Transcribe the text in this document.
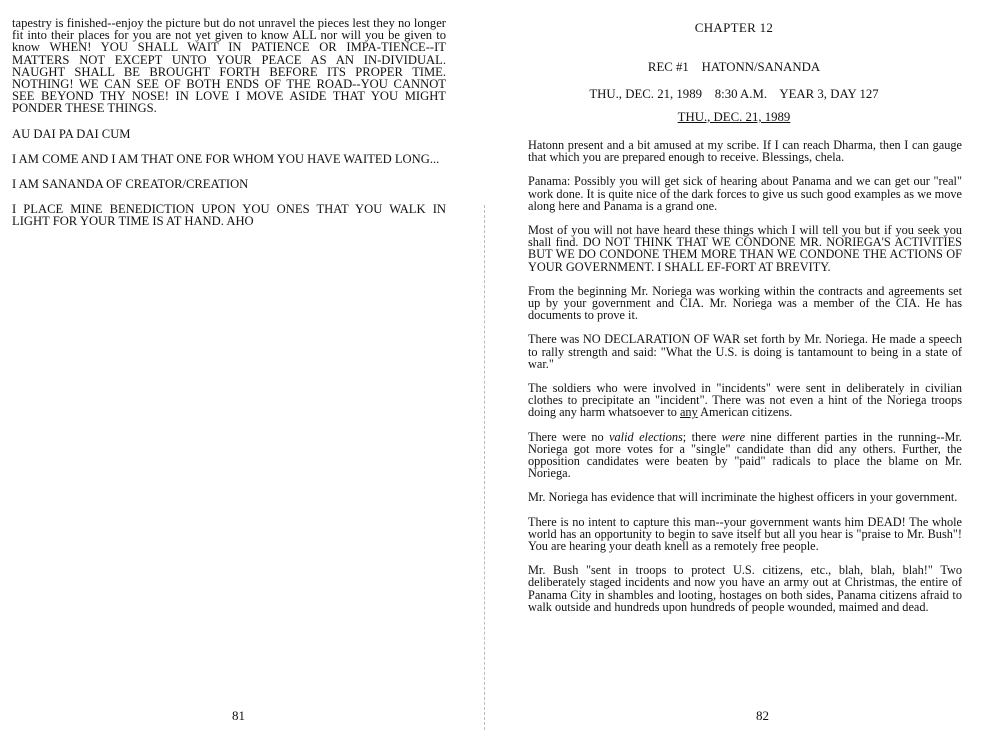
tapestry is finished--enjoy the picture but do not unravel the pieces lest they no longer fit into their places for you are not yet given to know ALL nor will you be given to know WHEN! YOU SHALL WAIT IN PATIENCE OR IMPA-TIENCE--IT MATTERS NOT EXCEPT UNTO YOUR PEACE AS AN IN-DIVIDUAL. NAUGHT SHALL BE BROUGHT FORTH BEFORE ITS PROPER TIME. NOTHING! WE CAN SEE OF BOTH ENDS OF THE ROAD--YOU CANNOT SEE BEYOND THY NOSE! IN LOVE I MOVE ASIDE THAT YOU MIGHT PONDER THESE THINGS.

AU DAI PA DAI CUM

I AM COME AND I AM THAT ONE FOR WHOM YOU HAVE WAITED LONG...

I AM SANANDA OF CREATOR/CREATION

I PLACE MINE BENEDICTION UPON YOU ONES THAT YOU WALK IN LIGHT FOR YOUR TIME IS AT HAND. AHO

81
CHAPTER 12
REC #1    HATONN/SANANDA
THU., DEC. 21, 1989    8:30 A.M.    YEAR 3, DAY 127
THU., DEC. 21, 1989

Hatonn present and a bit amused at my scribe. If I can reach Dharma, then I can gauge that which you are prepared enough to receive. Blessings, chela.

Panama: Possibly you will get sick of hearing about Panama and we can get our "real" work done. It is quite nice of the dark forces to give us such good examples as we move along here and Panama is a grand one.

Most of you will not have heard these things which I will tell you but if you seek you shall find. DO NOT THINK THAT WE CONDONE MR. NORIEGA'S ACTIVITIES BUT WE DO CONDONE THEM MORE THAN WE CONDONE THE ACTIONS OF YOUR GOVERNMENT. I SHALL EF-FORT AT BREVITY.

From the beginning Mr. Noriega was working within the contracts and agreements set up by your government and CIA. Mr. Noriega was a member of the CIA. He has documents to prove it.

There was NO DECLARATION OF WAR set forth by Mr. Noriega. He made a speech to rally strength and said: "What the U.S. is doing is tantamount to being in a state of war."

The soldiers who were involved in "incidents" were sent in deliberately in civilian clothes to precipitate an "incident". There was not even a hint of the Noriega troops doing any harm whatsoever to any American citizens.

There were no valid elections; there were nine different parties in the running--Mr. Noriega got more votes for a "single" candidate than did any others. Further, the opposition candidates were beaten by "paid" radicals to place the blame on Mr. Noriega.

Mr. Noriega has evidence that will incriminate the highest officers in your government.

There is no intent to capture this man--your government wants him DEAD! The whole world has an opportunity to begin to save itself but all you hear is "praise to Mr. Bush"! You are hearing your death knell as a remotely free people.

Mr. Bush "sent in troops to protect U.S. citizens, etc., blah, blah, blah!" Two deliberately staged incidents and now you have an army out at Christmas, the entire of Panama City in shambles and looting, hostages on both sides, Panama citizens afraid to walk outside and hundreds upon hundreds of people wounded, maimed and dead.

82
